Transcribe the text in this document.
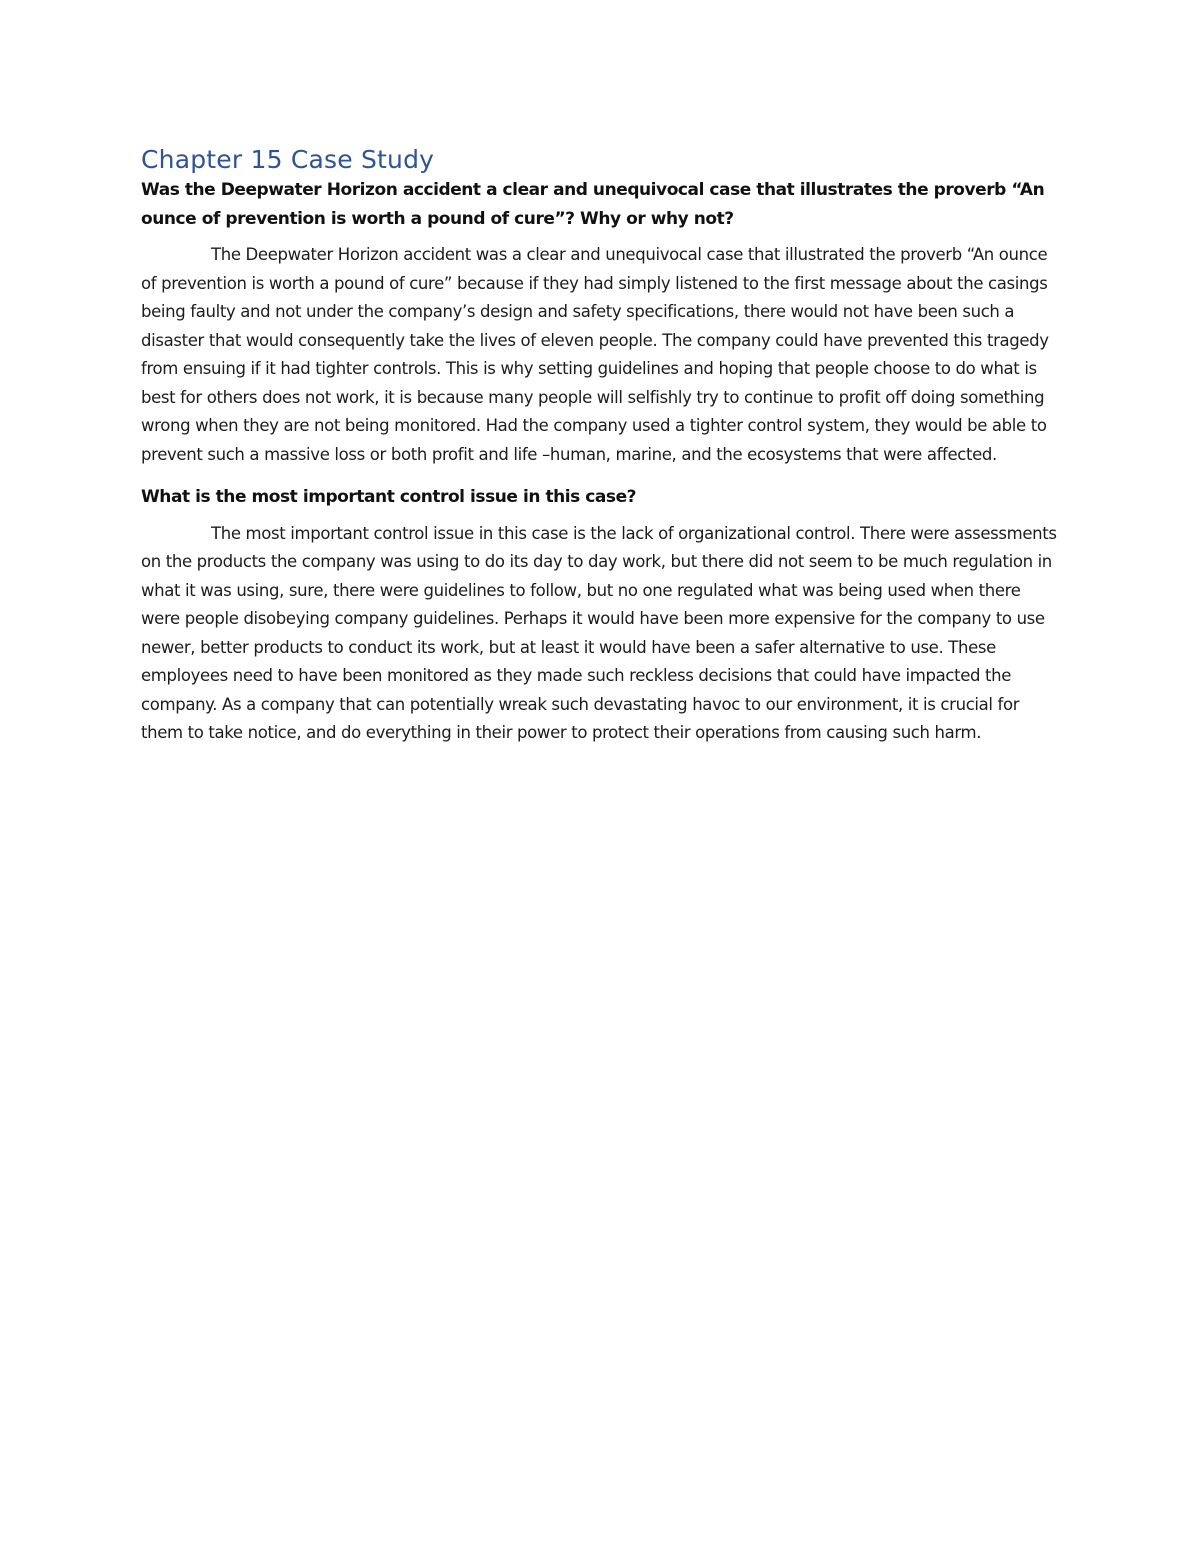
Chapter 15 Case Study

Was the Deepwater Horizon accident a clear and unequivocal case that illustrates the proverb “An ounce of prevention is worth a pound of cure”? Why or why not?

The Deepwater Horizon accident was a clear and unequivocal case that illustrated the proverb “An ounce of prevention is worth a pound of cure” because if they had simply listened to the first message about the casings being faulty and not under the company’s design and safety specifications, there would not have been such a disaster that would consequently take the lives of eleven people. The company could have prevented this tragedy from ensuing if it had tighter controls. This is why setting guidelines and hoping that people choose to do what is best for others does not work, it is because many people will selfishly try to continue to profit off doing something wrong when they are not being monitored. Had the company used a tighter control system, they would be able to prevent such a massive loss or both profit and life –human, marine, and the ecosystems that were affected.

What is the most important control issue in this case?

The most important control issue in this case is the lack of organizational control. There were assessments on the products the company was using to do its day to day work, but there did not seem to be much regulation in what it was using, sure, there were guidelines to follow, but no one regulated what was being used when there were people disobeying company guidelines. Perhaps it would have been more expensive for the company to use newer, better products to conduct its work, but at least it would have been a safer alternative to use. These employees need to have been monitored as they made such reckless decisions that could have impacted the company. As a company that can potentially wreak such devastating havoc to our environment, it is crucial for them to take notice, and do everything in their power to protect their operations from causing such harm.
